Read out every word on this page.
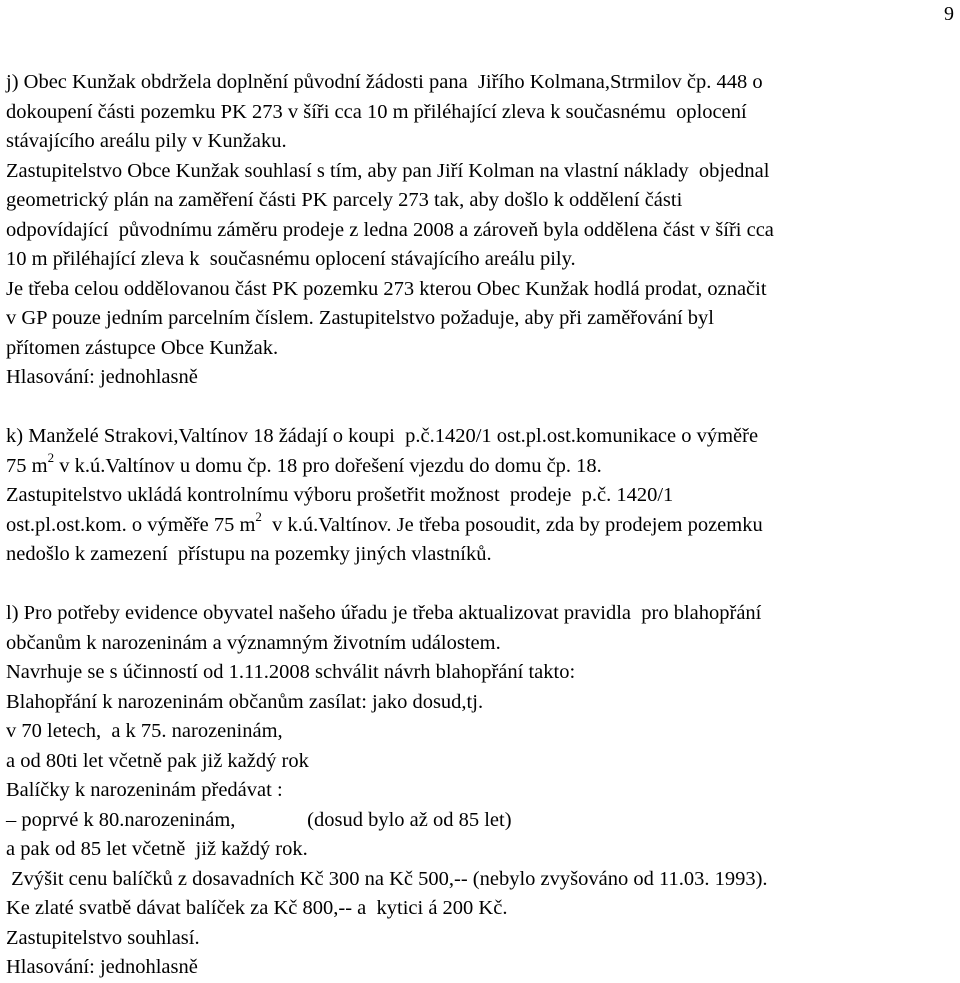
9
j) Obec Kunžak obdržela doplnění původní žádosti pana  Jiřího Kolmana,Strmilov čp. 448 o
dokoupení části pozemku PK 273 v šíři cca 10 m přiléhající zleva k současnému  oplocení
stávajícího areálu pily v Kunžaku.
Zastupitelstvo Obce Kunžak souhlasí s tím, aby pan Jiří Kolman na vlastní náklady  objednal
geometrický plán na zaměření části PK parcely 273 tak, aby došlo k oddělení části
odpovídající  původnímu záměru prodeje z ledna 2008 a zároveň byla oddělena část v šíři cca
10 m přiléhající zleva k  současnému oplocení stávajícího areálu pily.
Je třeba celou oddělovanou část PK pozemku 273 kterou Obec Kunžak hodlá prodat, označit
v GP pouze jedním parcelním číslem. Zastupitelstvo požaduje, aby při zaměřování byl
přítomen zástupce Obce Kunžak.
Hlasování: jednohlasně
k) Manželé Strakovi,Valtínov 18 žádají o koupi  p.č.1420/1 ost.pl.ost.komunikace o výměře
75 $m^2$ v k.ú.Valtínov u domu čp. 18 pro dořešení vjezdu do domu čp. 18.
Zastupitelstvo ukládá kontrolnímu výboru prošetřit možnost  prodeje  p.č. 1420/1
ost.pl.ost.kom. o výměře 75 $m^2$  v k.ú.Valtínov. Je třeba posoudit, zda by prodejem pozemku
nedošlo k zamezení  přístupu na pozemky jiných vlastníků.
l) Pro potřeby evidence obyvatel našeho úřadu je třeba aktualizovat pravidla  pro blahopřání
občanům k narozeninám a významným životním událostem.
Navrhuje se s účinností od 1.11.2008 schválit návrh blahopřání takto:
Blahopřání k narozeninám občanům zasílat: jako dosud,tj.
v 70 letech,  a k 75. narozeninám,
a od 80ti let včetně pak již každý rok
Balíčky k narozeninám předávat :
– poprvé k 80.narozeninám,              (dosud bylo až od 85 let)
a pak od 85 let včetně  již každý rok.
Zvýšit cenu balíčků z dosavadních Kč 300 na Kč 500,-- (nebylo zvyšováno od 11.03. 1993).
Ke zlaté svatbě dávat balíček za Kč 800,-- a  kytici á 200 Kč.
Zastupitelstvo souhlasí.
Hlasování: jednohlasně
